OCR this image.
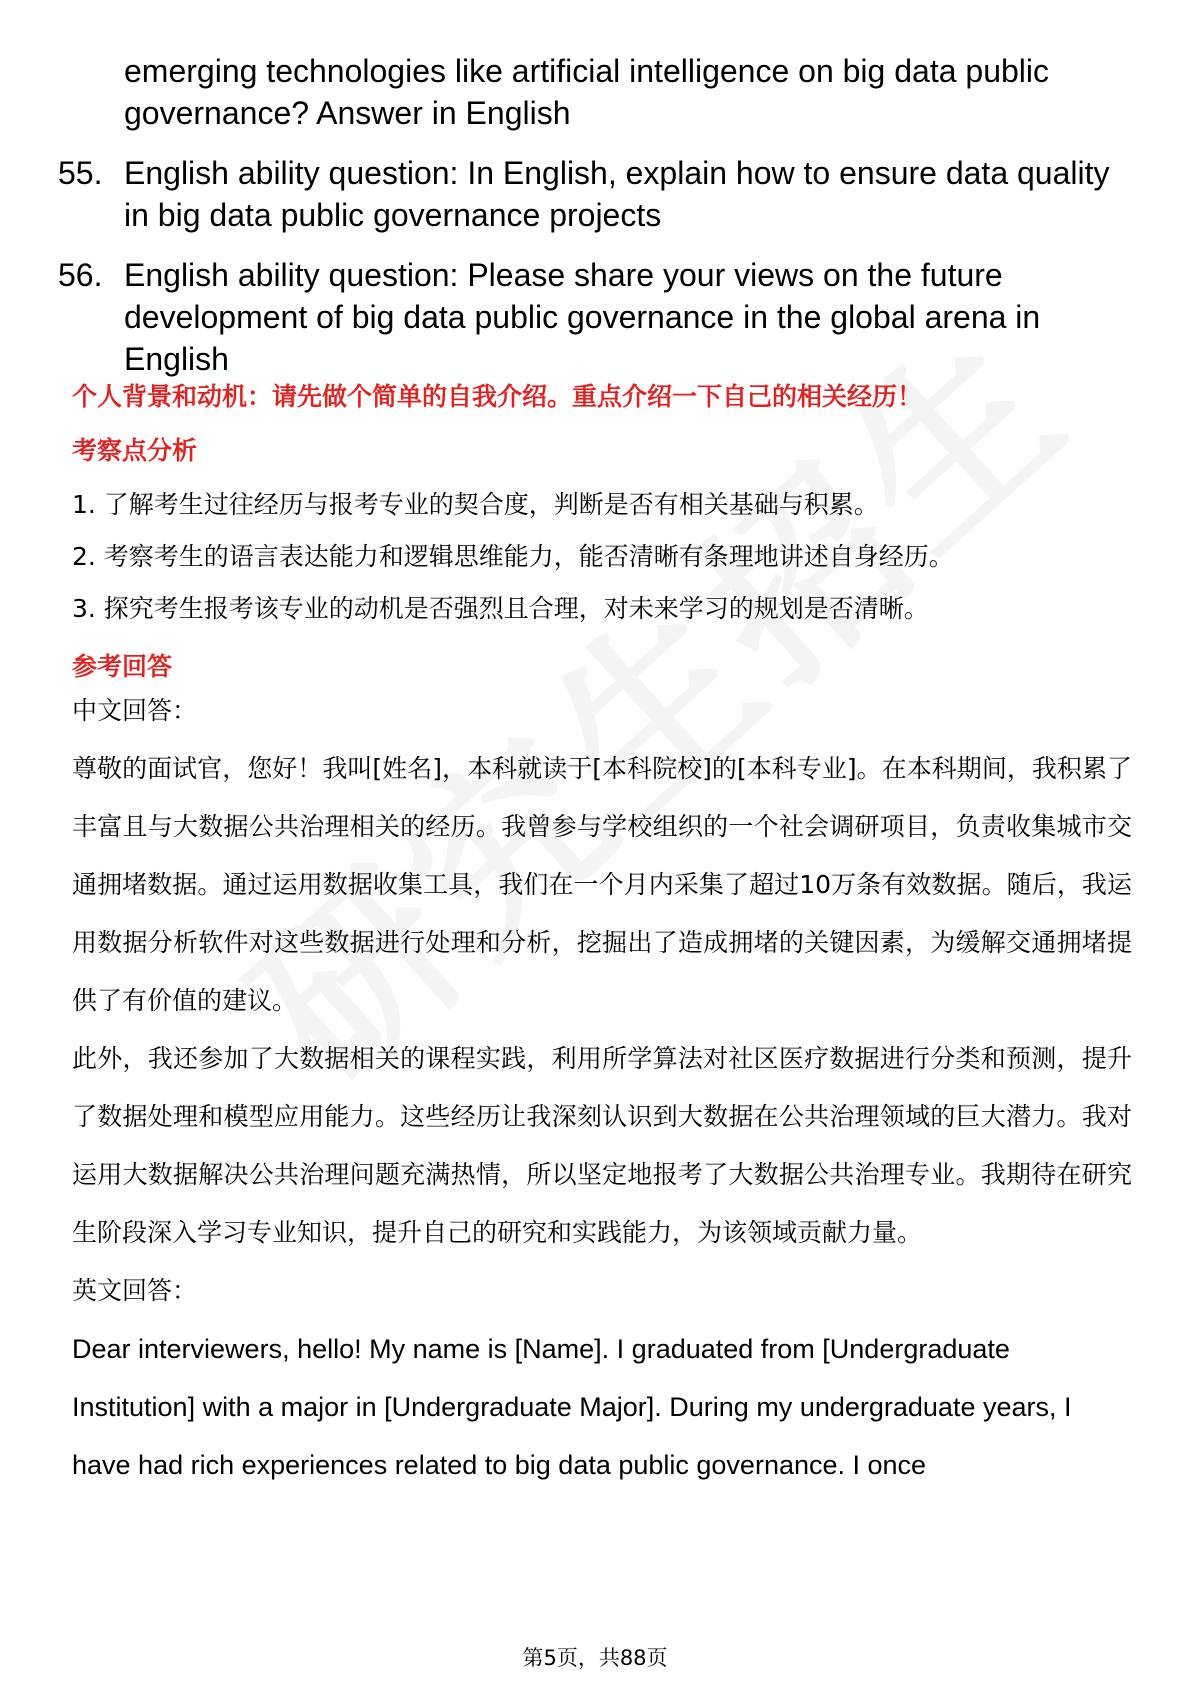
emerging technologies like artificial intelligence on big data public governance? Answer in English
55. English ability question: In English, explain how to ensure data quality in big data public governance projects
56. English ability question: Please share your views on the future development of big data public governance in the global arena in English
个人背景和动机：请先做个简单的自我介绍。重点介绍一下自己的相关经历！
考察点分析
1. 了解考生过往经历与报考专业的契合度，判断是否有相关基础与积累。
2. 考察考生的语言表达能力和逻辑思维能力，能否清晰有条理地讲述自身经历。
3. 探究考生报考该专业的动机是否强烈且合理，对未来学习的规划是否清晰。
参考回答
中文回答：
尊敬的面试官，您好！我叫[姓名]，本科就读于[本科院校]的[本科专业]。在本科期间，我积累了丰富且与大数据公共治理相关的经历。我曾参与学校组织的一个社会调研项目，负责收集城市交通拥堵数据。通过运用数据收集工具，我们在一个月内采集了超过10万条有效数据。随后，我运用数据分析软件对这些数据进行处理和分析，挖掘出了造成拥堵的关键因素，为缓解交通拥堵提供了有价值的建议。
此外，我还参加了大数据相关的课程实践，利用所学算法对社区医疗数据进行分类和预测，提升了数据处理和模型应用能力。这些经历让我深刻认识到大数据在公共治理领域的巨大潜力。我对运用大数据解决公共治理问题充满热情，所以坚定地报考了大数据公共治理专业。我期待在研究生阶段深入学习专业知识，提升自己的研究和实践能力，为该领域贡献力量。
英文回答：
Dear interviewers, hello! My name is [Name]. I graduated from [Undergraduate Institution] with a major in [Undergraduate Major]. During my undergraduate years, I have had rich experiences related to big data public governance. I once
第5页，共88页
